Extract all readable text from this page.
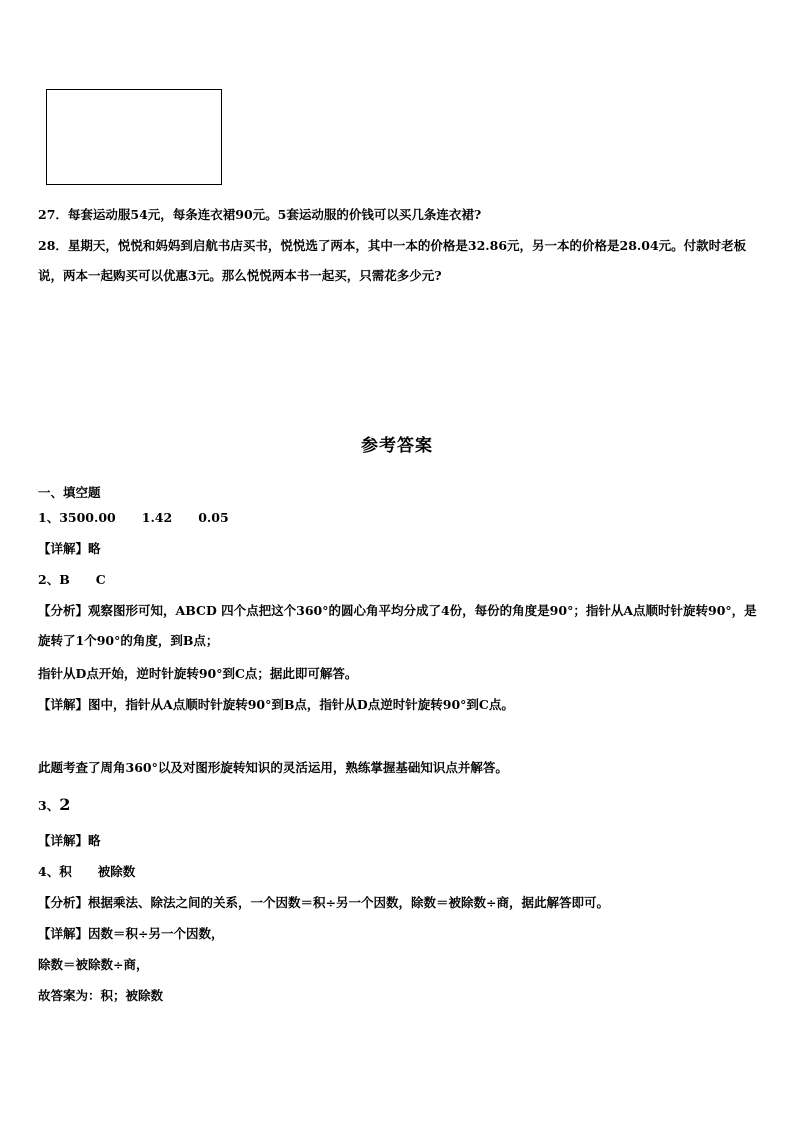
27．每套运动服54元，每条连衣裙90元。5套运动服的价钱可以买几条连衣裙?
28．星期天，悦悦和妈妈到启航书店买书，悦悦选了两本，其中一本的价格是32.86元，另一本的价格是28.04元。付款时老板说，两本一起购买可以优惠3元。那么悦悦两本书一起买，只需花多少元?
参考答案
一、填空题
1、3500.00 1.42 0.05
【详解】略
2、B C
【分析】观察图形可知，ABCD 四个点把这个360°的圆心角平均分成了4份，每份的角度是90°；指针从A点顺时针旋转90°，是旋转了1个90°的角度，到B点；
指针从D点开始，逆时针旋转90°到C点；据此即可解答。
【详解】图中，指针从A点顺时针旋转90°到B点，指针从D点逆时针旋转90°到C点。
此题考查了周角360°以及对图形旋转知识的灵活运用，熟练掌握基础知识点并解答。
3、2
【详解】略
4、积 被除数
【分析】根据乘法、除法之间的关系，一个因数＝积÷另一个因数，除数＝被除数÷商，据此解答即可。
【详解】因数＝积÷另一个因数，
除数＝被除数÷商，
故答案为：积；被除数
